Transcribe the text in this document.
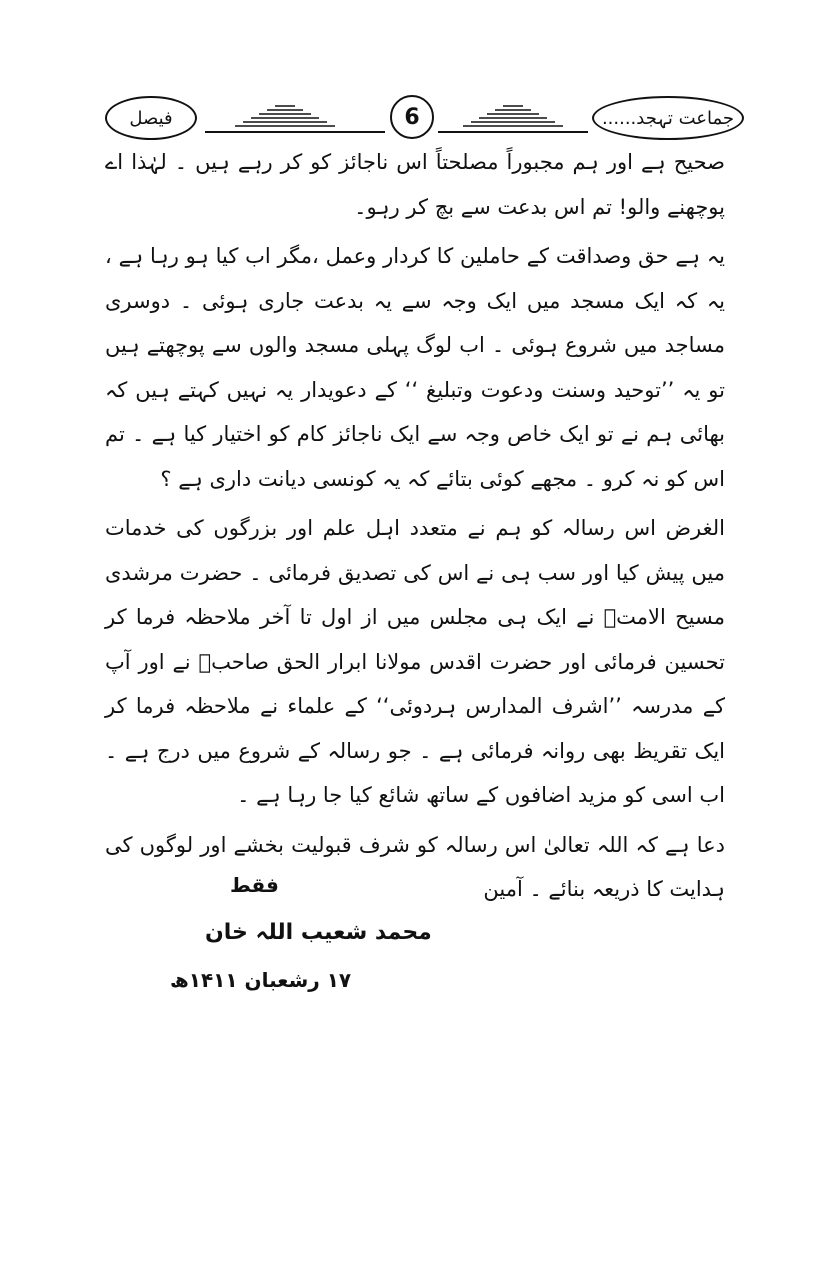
فیصل	6	جماعت تہجد......

صحیح ہے اور ہم مجبوراً مصلحتاً اس ناجائز کو کر رہے ہیں ۔ لہٰذا اے پوچھنے والو! تم اس بدعت سے بچ کر رہو۔

یہ ہے حق وصداقت کے حاملین کا کردار وعمل ،مگر اب کیا ہو رہا ہے ، یہ کہ ایک مسجد میں ایک وجہ سے یہ بدعت جاری ہوئی ۔ دوسری مساجد میں شروع ہوئی ۔ اب لوگ پہلی مسجد والوں سے پوچھتے ہیں تو یہ ’’توحید وسنت ودعوت وتبلیغ ‘‘ کے دعویدار یہ نہیں کہتے ہیں کہ بھائی ہم نے تو ایک خاص وجہ سے ایک ناجائز کام کو اختیار کیا ہے ۔ تم اس کو نہ کرو ۔ مجھے کوئی بتائے کہ یہ کونسی دیانت داری ہے ؟

الغرض اس رسالہ کو ہم نے متعدد اہل علم اور بزرگوں کی خدمات میں پیش کیا اور سب ہی نے اس کی تصدیق فرمائی ۔ حضرت مرشدی مسیح الامتؒ نے ایک ہی مجلس میں از اول تا آخر ملاحظہ فرما کر تحسین فرمائی اور حضرت اقدس مولانا ابرار الحق صاحبؒ نے اور آپ کے مدرسہ ’’اشرف المدارس ہردوئی‘‘ کے علماء نے ملاحظہ فرما کر ایک تقریظ بھی روانہ فرمائی ہے ۔ جو رسالہ کے شروع میں درج ہے ۔ اب اسی کو مزید اضافوں کے ساتھ شائع کیا جا رہا ہے ۔

دعا ہے کہ اللہ تعالیٰ اس رسالہ کو شرف قبولیت بخشے اور لوگوں کی ہدایت کا ذریعہ بنائے ۔ آمین

فقط
محمد شعیب اللہ خان
۱۷ رشعبان ۱۴۱۱ھ
